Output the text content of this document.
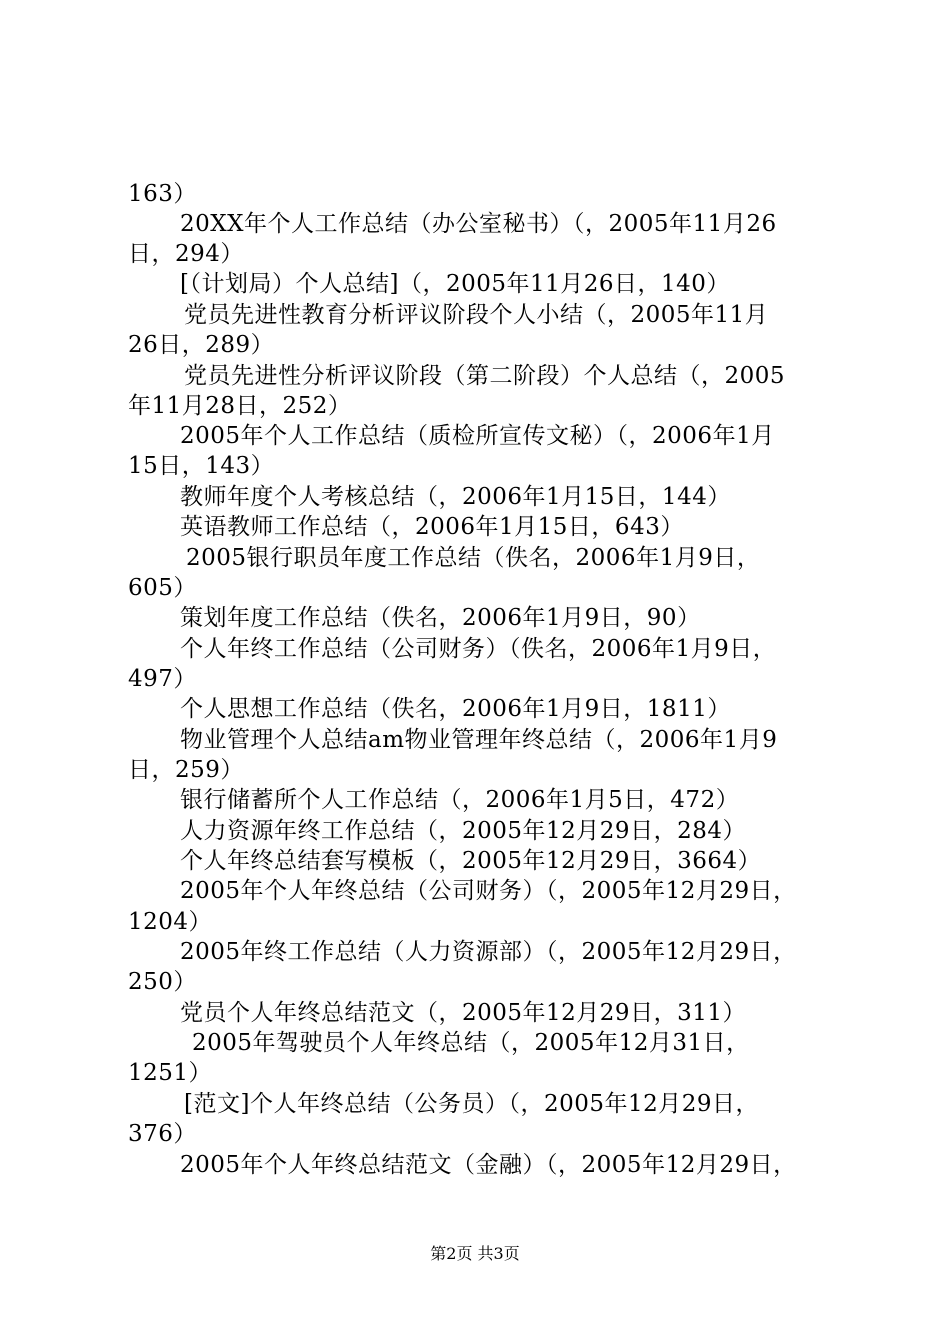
163）
20XX年个人工作总结（办公室秘书）（，2005年11月26
日，294）
[（计划局）个人总结]（，2005年11月26日，140）
党员先进性教育分析评议阶段个人小结（，2005年11月
26日，289）
党员先进性分析评议阶段（第二阶段）个人总结（，2005
年11月28日，252）
2005年个人工作总结（质检所宣传文秘）（，2006年1月
15日，143）
教师年度个人考核总结（，2006年1月15日，144）
英语教师工作总结（，2006年1月15日，643）
2005银行职员年度工作总结（佚名，2006年1月9日，
605）
策划年度工作总结（佚名，2006年1月9日，90）
个人年终工作总结（公司财务）（佚名，2006年1月9日，
497）
个人思想工作总结（佚名，2006年1月9日，1811）
物业管理个人总结am物业管理年终总结（，2006年1月9
日，259）
银行储蓄所个人工作总结（，2006年1月5日，472）
人力资源年终工作总结（，2005年12月29日，284）
个人年终总结套写模板（，2005年12月29日，3664）
2005年个人年终总结（公司财务）（，2005年12月29日，
1204）
2005年终工作总结（人力资源部）（，2005年12月29日，
250）
党员个人年终总结范文（，2005年12月29日，311）
2005年驾驶员个人年终总结（，2005年12月31日，
1251）
[范文]个人年终总结（公务员）（，2005年12月29日，
376）
2005年个人年终总结范文（金融）（，2005年12月29日，
第2页 共3页
